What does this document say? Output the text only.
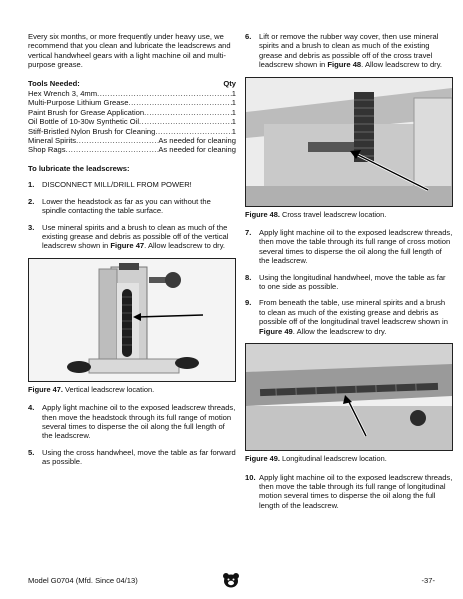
Every six months, or more frequently under heavy use, we recommend that you clean and lubricate the leadscrews and vertical handwheel gears with a light machine oil and multi-purpose grease.

Tools Needed:	Qty
Hex Wrench 3, 4mm .....	1
Multi-Purpose Lithium Grease .....	1
Paint Brush for Grease Application .....	1
Oil Bottle of 10-30w Synthetic Oil .....	1
Stiff-Bristled Nylon Brush for Cleaning .....	1
Mineral Spirits .....	As needed for cleaning
Shop Rags .....	As needed for cleaning

To lubricate the leadscrews:

1.	DISCONNECT MILL/DRILL FROM POWER!
2.	Lower the headstock as far as you can without the spindle contacting the table surface.
3.	Use mineral spirits and a brush to clean as much of the existing grease and debris as possible off of the vertical leadscrew shown in Figure 47. Allow leadscrew to dry.

Figure 47. Vertical leadscrew location.

4.	Apply light machine oil to the exposed leadscrew threads, then move the headstock through its full range of motion several times to disperse the oil along the full length of the leadscrew.
5.	Using the cross handwheel, move the table as far forward as possible.
6.	Lift or remove the rubber way cover, then use mineral spirits and a brush to clean as much of the existing grease and debris as possible off of the cross travel leadscrew shown in Figure 48. Allow leadscrew to dry.

Figure 48. Cross travel leadscrew location.

7.	Apply light machine oil to the exposed leadscrew threads, then move the table through its full range of cross motion several times to disperse the oil along the full length of the leadscrew.
8.	Using the longitudinal handwheel, move the table as far to one side as possible.
9.	From beneath the table, use mineral spirits and a brush to clean as much of the existing grease and debris as possible off of the longitudinal travel leadscrew shown in Figure 49. Allow the leadscrew to dry.

Figure 49. Longitudinal leadscrew location.

10. Apply light machine oil to the exposed leadscrew threads, then move the table through its full range of longitudinal motion several times to disperse the oil along the full length of the leadscrew.
Model G0704 (Mfd. Since 04/13)	-37-
